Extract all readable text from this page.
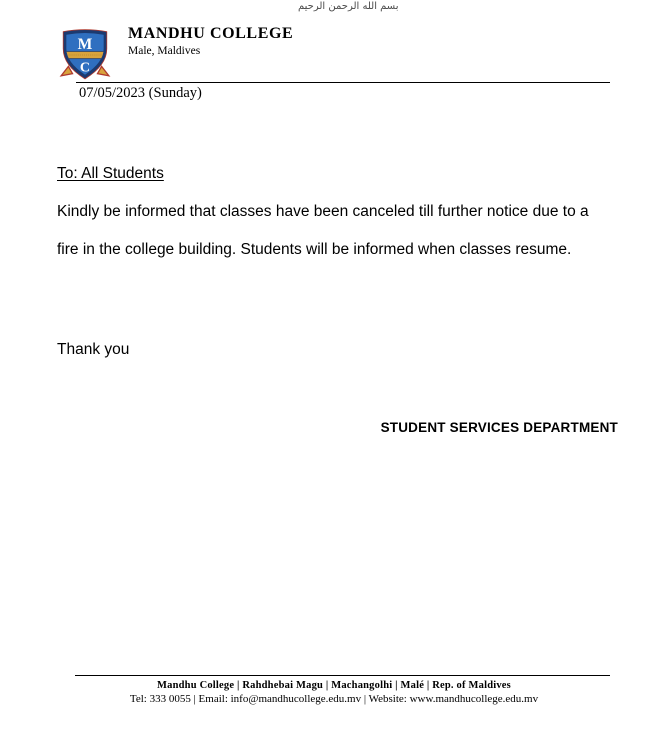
بسم الله الرحمن الرحيم
M
C
MANDHU COLLEGE
Male, Maldives
07/05/2023 (Sunday)
To: All Students
Kindly be informed that classes have been canceled till further notice due to a
fire in the college building. Students will be informed when classes resume.
Thank you
STUDENT SERVICES DEPARTMENT
Mandhu College | Rahdhebai Magu | Machangolhi | Malé | Rep. of Maldives
Tel: 333 0055 | Email: info@mandhucollege.edu.mv | Website: www.mandhucollege.edu.mv
